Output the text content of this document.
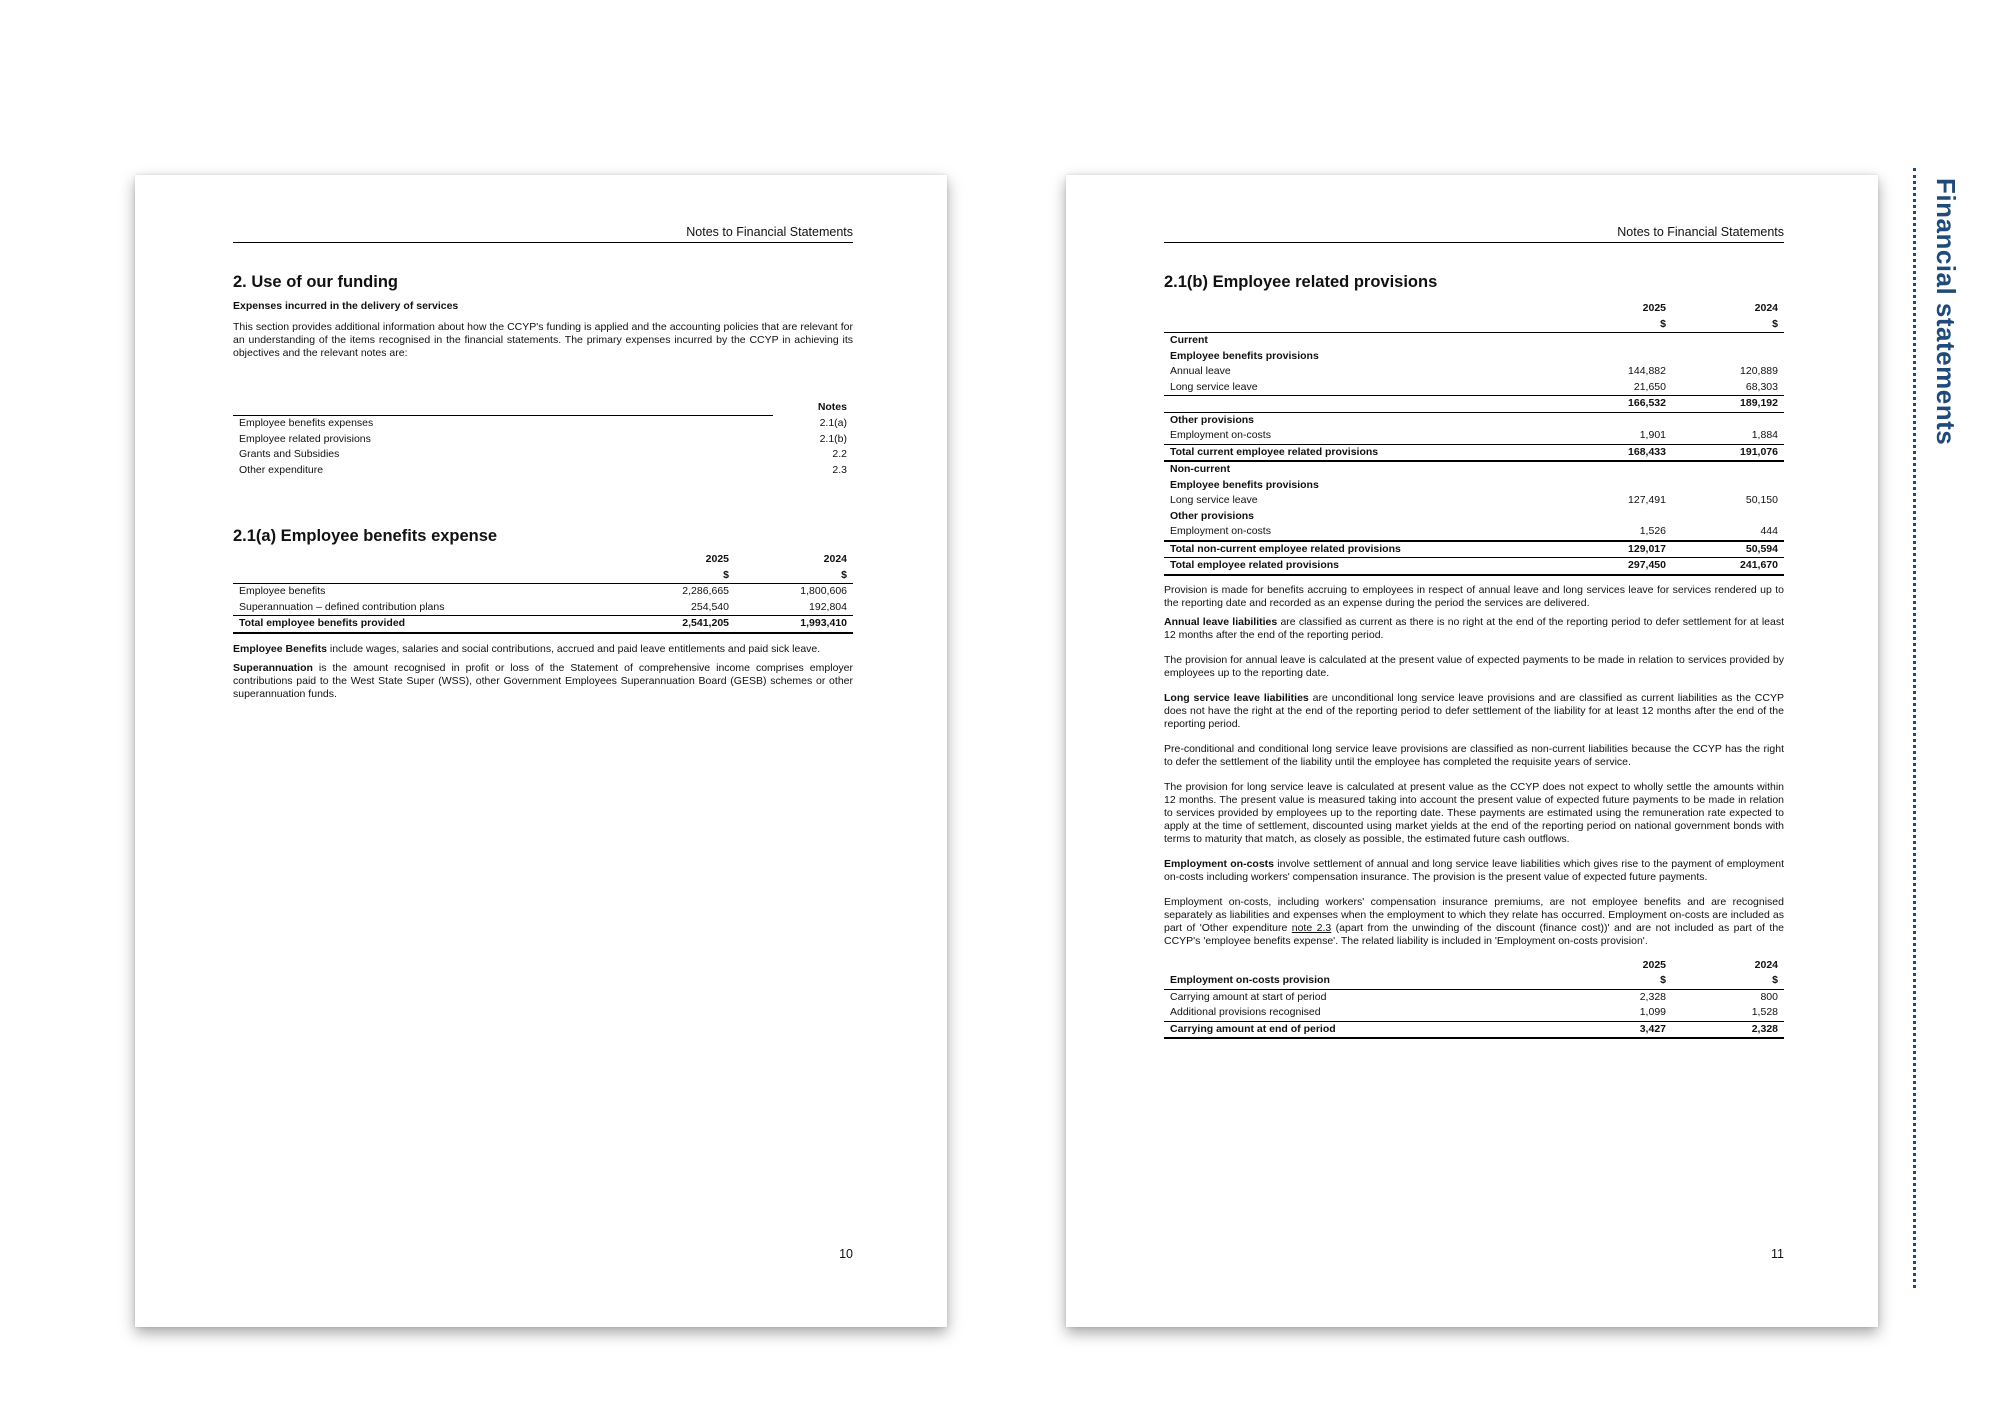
Financial statements
Notes to Financial Statements
2. Use of our funding
Expenses incurred in the delivery of services

This section provides additional information about how the CCYP's funding is applied and the accounting policies that are relevant for an understanding of the items recognised in the financial statements. The primary expenses incurred by the CCYP in achieving its objectives and the relevant notes are:

	Notes
Employee benefits expenses	2.1(a)
Employee related provisions	2.1(b)
Grants and Subsidies	2.2
Other expenditure	2.3
2.1(a) Employee benefits expense
	2025	2024
	$	$
Employee benefits	2,286,665	1,800,606
Superannuation – defined contribution plans	254,540	192,804
Total employee benefits provided	2,541,205	1,993,410

Employee Benefits include wages, salaries and social contributions, accrued and paid leave entitlements and paid sick leave.

Superannuation is the amount recognised in profit or loss of the Statement of comprehensive income comprises employer contributions paid to the West State Super (WSS), other Government Employees Superannuation Board (GESB) schemes or other superannuation funds.

10
Notes to Financial Statements
2.1(b) Employee related provisions
	2025	2024
	$	$
Current		
Employee benefits provisions		
Annual leave	144,882	120,889
Long service leave	21,650	68,303
	166,532	189,192
Other provisions		
Employment on-costs	1,901	1,884
Total current employee related provisions	168,433	191,076
Non-current		
Employee benefits provisions		
Long service leave	127,491	50,150
Other provisions		
Employment on-costs	1,526	444
Total non-current employee related provisions	129,017	50,594
Total employee related provisions	297,450	241,670

Provision is made for benefits accruing to employees in respect of annual leave and long services leave for services rendered up to the reporting date and recorded as an expense during the period the services are delivered.

Annual leave liabilities are classified as current as there is no right at the end of the reporting period to defer settlement for at least 12 months after the end of the reporting period.

The provision for annual leave is calculated at the present value of expected payments to be made in relation to services provided by employees up to the reporting date.

Long service leave liabilities are unconditional long service leave provisions and are classified as current liabilities as the CCYP does not have the right at the end of the reporting period to defer settlement of the liability for at least 12 months after the end of the reporting period.

Pre-conditional and conditional long service leave provisions are classified as non-current liabilities because the CCYP has the right to defer the settlement of the liability until the employee has completed the requisite years of service.

The provision for long service leave is calculated at present value as the CCYP does not expect to wholly settle the amounts within 12 months. The present value is measured taking into account the present value of expected future payments to be made in relation to services provided by employees up to the reporting date. These payments are estimated using the remuneration rate expected to apply at the time of settlement, discounted using market yields at the end of the reporting period on national government bonds with terms to maturity that match, as closely as possible, the estimated future cash outflows.

Employment on-costs involve settlement of annual and long service leave liabilities which gives rise to the payment of employment on-costs including workers' compensation insurance. The provision is the present value of expected future payments.

Employment on-costs, including workers' compensation insurance premiums, are not employee benefits and are recognised separately as liabilities and expenses when the employment to which they relate has occurred. Employment on-costs are included as part of 'Other expenditure note 2.3 (apart from the unwinding of the discount (finance cost))' and are not included as part of the CCYP's 'employee benefits expense'. The related liability is included in 'Employment on-costs provision'.

	2025	2024
Employment on-costs provision	$	$
Carrying amount at start of period	2,328	800
Additional provisions recognised	1,099	1,528
Carrying amount at end of period	3,427	2,328
11
